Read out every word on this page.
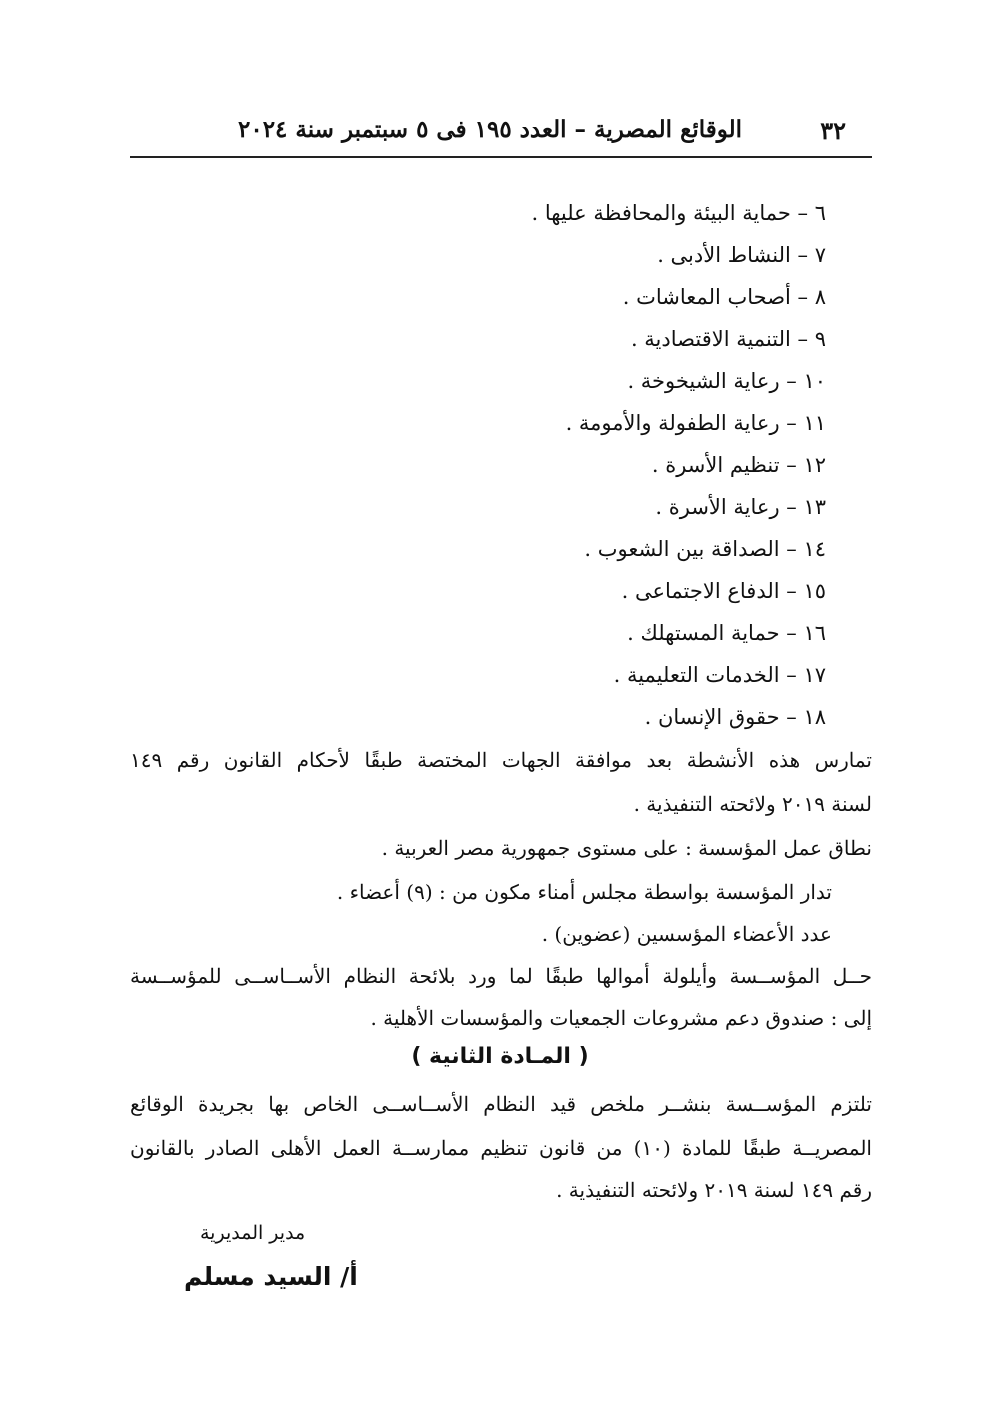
٣٢
الوقائع المصرية – العدد ١٩٥ فى ٥ سبتمبر سنة ٢٠٢٤
٦ – حماية البيئة والمحافظة عليها .
٧ – النشاط الأدبى .
٨ – أصحاب المعاشات .
٩ – التنمية الاقتصادية .
١٠ – رعاية الشيخوخة .
١١ – رعاية الطفولة والأمومة .
١٢ – تنظيم الأسرة .
١٣ – رعاية الأسرة .
١٤ – الصداقة بين الشعوب .
١٥ – الدفاع الاجتماعى .
١٦ – حماية المستهلك .
١٧ – الخدمات التعليمية .
١٨ – حقوق الإنسان .
تمارس هذه الأنشطة بعد موافقة الجهات المختصة طبقًا لأحكام القانون رقم ١٤٩
لسنة ٢٠١٩ ولائحته التنفيذية .
نطاق عمل المؤسسة : على مستوى جمهورية مصر العربية .
تدار المؤسسة بواسطة مجلس أمناء مكون من : (٩) أعضاء .
عدد الأعضاء المؤسسين (عضوين) .
حــل المؤســسة وأيلولة أموالها طبقًا لما ورد بلائحة النظام الأســاســى للمؤســسة
إلى : صندوق دعم مشروعات الجمعيات والمؤسسات الأهلية .
( المـادة الثانية )
تلتزم المؤســسة بنشــر ملخص قيد النظام الأســاســى الخاص بها بجريدة الوقائع
المصريــة طبقًا للمادة (١٠) من قانون تنظيم ممارســة العمل الأهلى الصادر بالقانون
رقم ١٤٩ لسنة ٢٠١٩ ولائحته التنفيذية .
مدير المديرية
أ/ السيد مسلم
